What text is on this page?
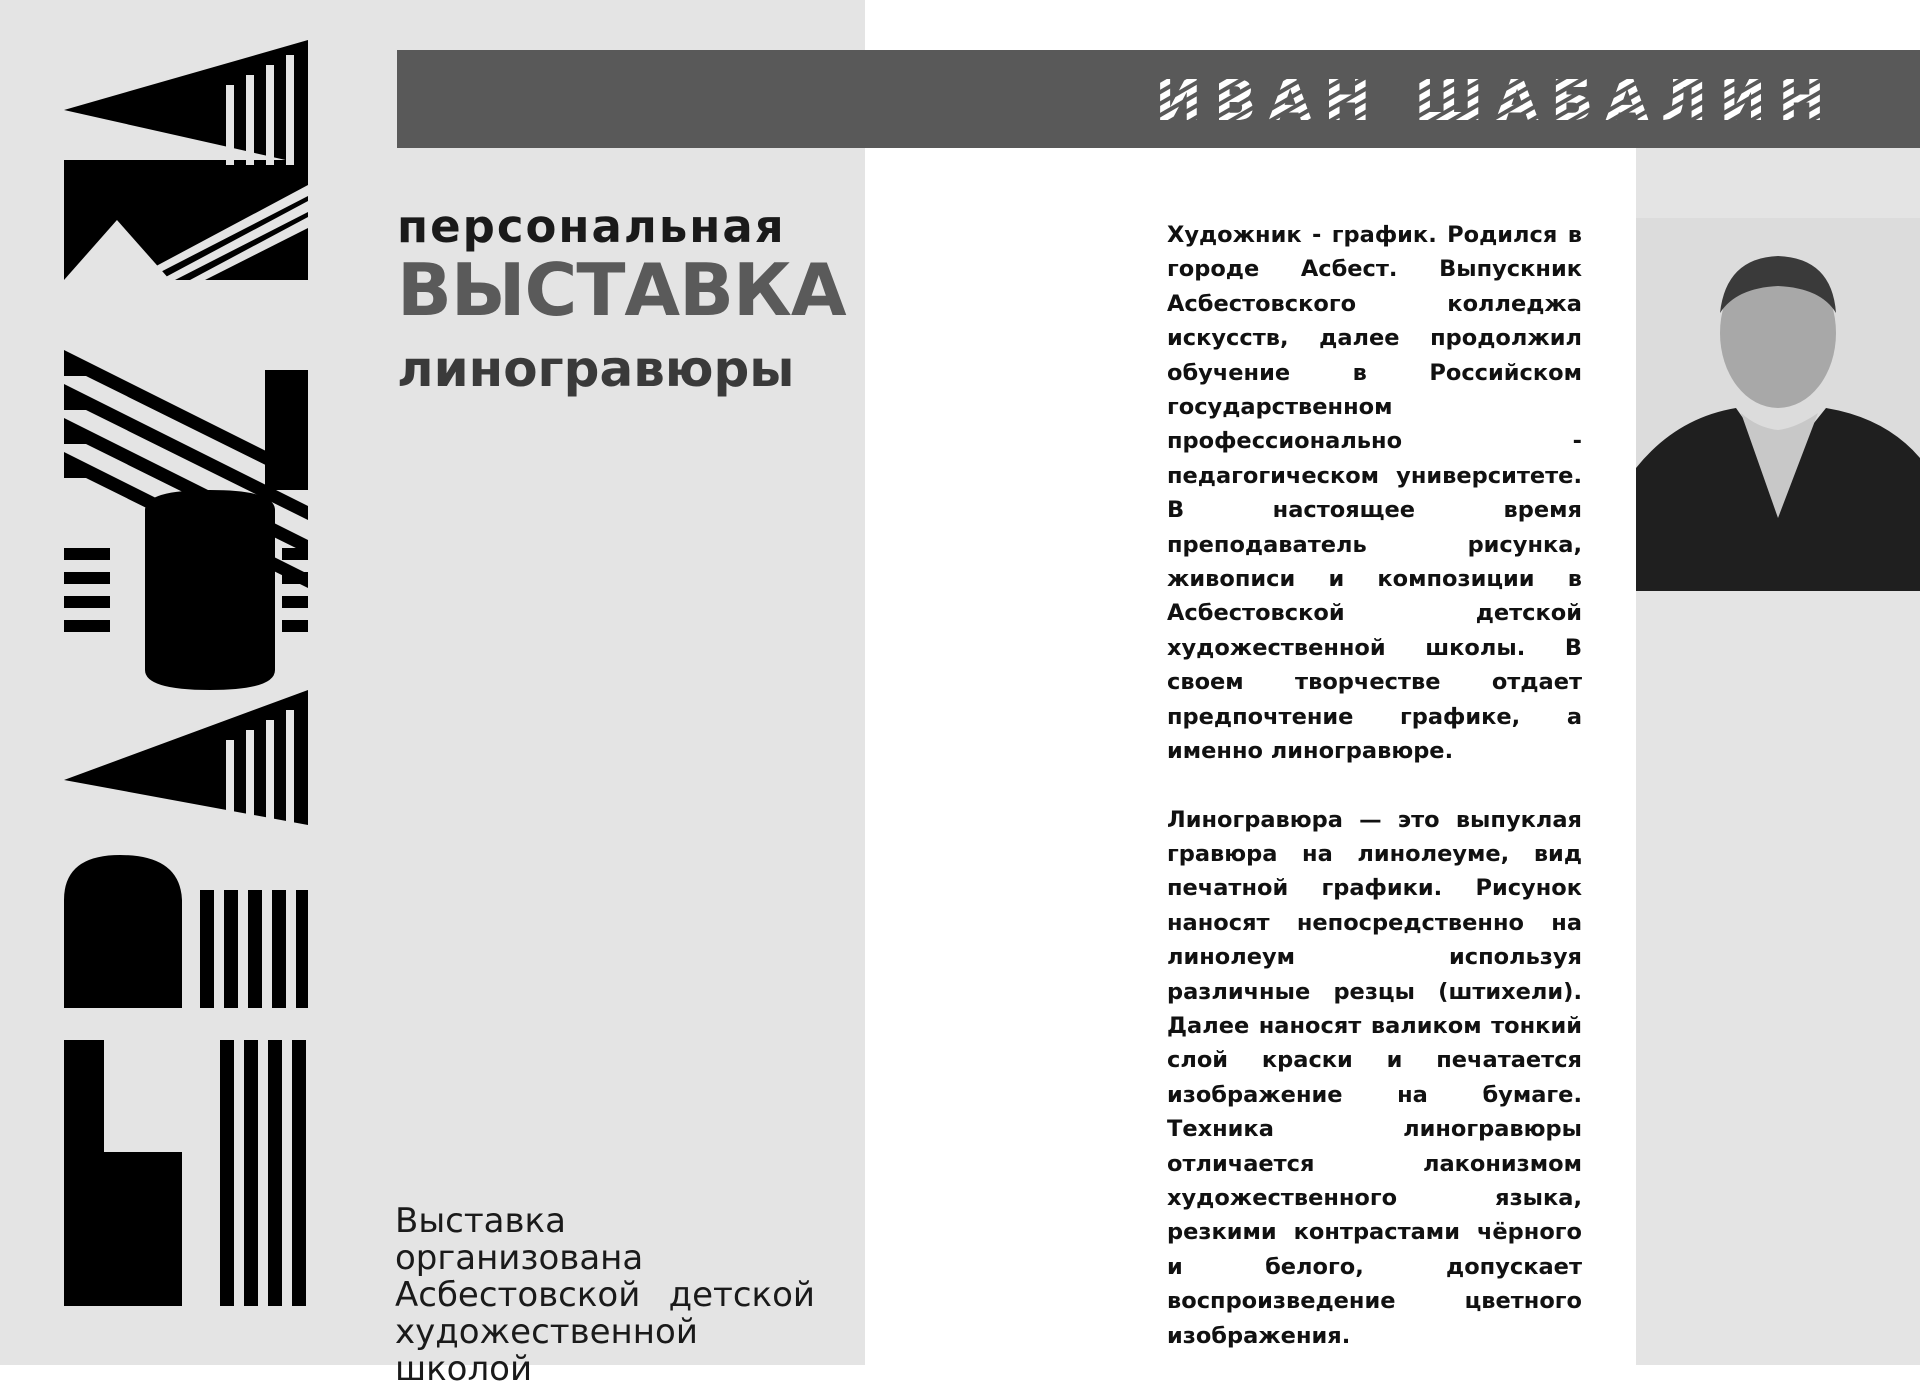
ИВАН ШАБАЛИН
персональная
ВЫСТАВКА
линогравюры
Выставка организована
Асбестовской детской
художественной школой

Художник - график. Родился в городе Асбест. Выпускник Асбестовского колледжа искусств, далее продолжил обучение в Российском государственном профессионально - педагогическом университете. В настоящее время преподаватель рисунка, живописи и композиции в Асбестовской детской художественной школы. В своем творчестве отдает предпочтение графике, а именно линогравюре.

Линогравюра — это выпуклая гравюра на линолеуме, вид печатной графики. Рисунок наносят непосредственно на линолеум используя различные резцы (штихели). Далее наносят валиком тонкий слой краски и печатается изображение на бумаге. Техника линогравюры отличается лаконизмом художественного языка, резкими контрастами чёрного и белого, допускает воспроизведение цветного изображения.
